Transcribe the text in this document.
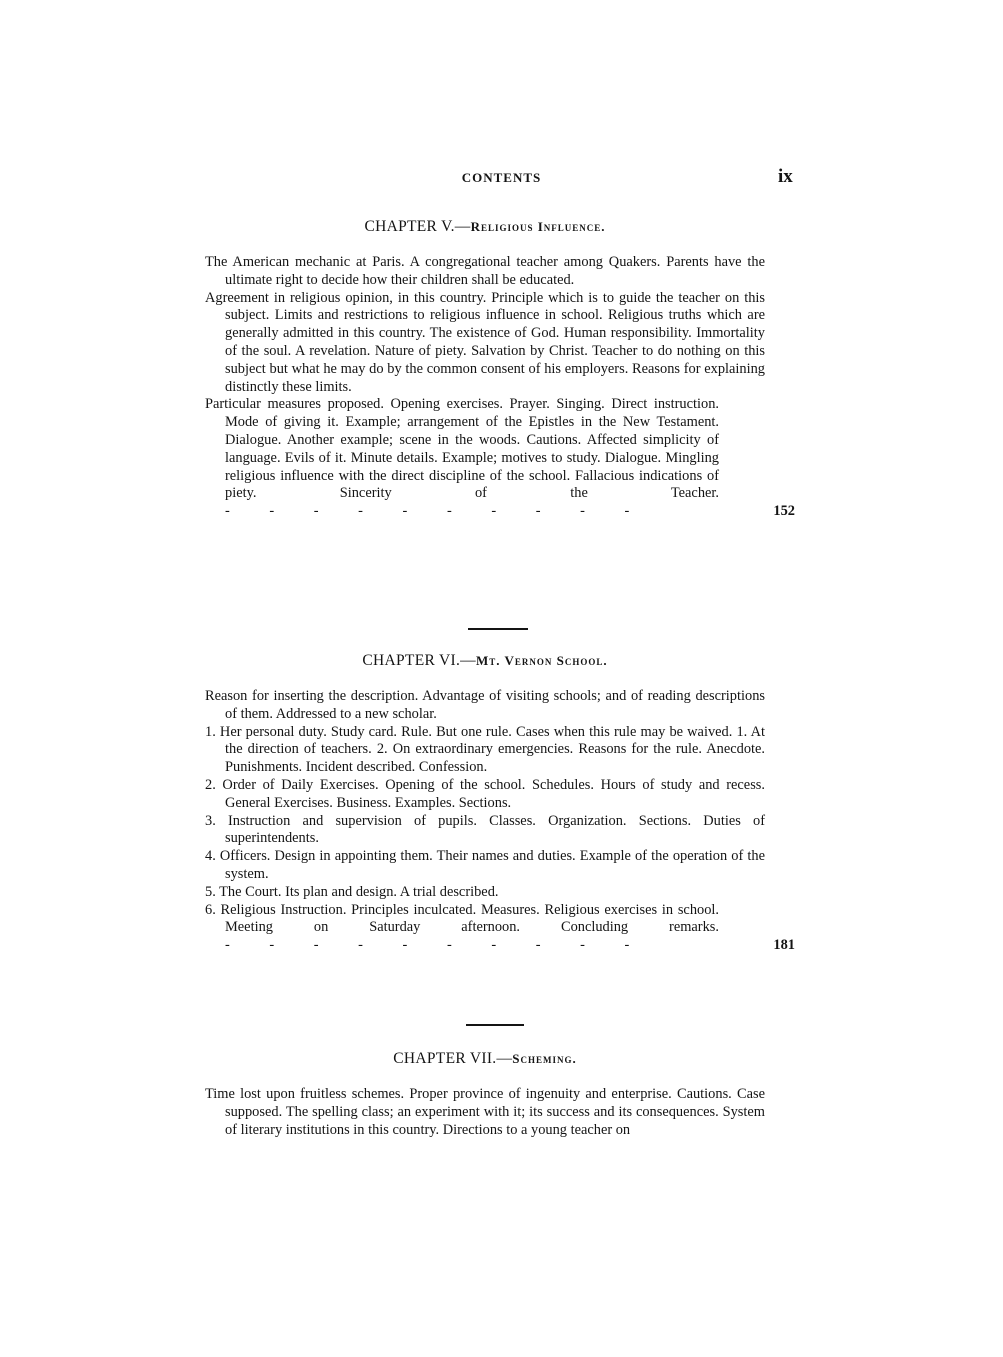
CONTENTS	ix
CHAPTER V.—Religious Influence.

The American mechanic at Paris. A congregational teacher among Quakers. Parents have the ultimate right to decide how their children shall be educated.

Agreement in religious opinion, in this country. Principle which is to guide the teacher on this subject. Limits and restrictions to religious influence in school. Religious truths which are generally admitted in this country. The existence of God. Human responsibility. Immortality of the soul. A revelation. Nature of piety. Salvation by Christ. Teacher to do nothing on this subject but what he may do by the common consent of his employers. Reasons for explaining distinctly these limits.

Particular measures proposed. Opening exercises. Prayer. Singing. Direct instruction. Mode of giving it. Example; arrangement of the Epistles in the New Testament. Dialogue. Another example; scene in the woods. Cautions. Affected simplicity of language. Evils of it. Minute details. Example; motives to study. Dialogue. Mingling religious influence with the direct discipline of the school. Fallacious indications of piety. Sincerity of the Teacher. - - - - - - - - - -	152

CHAPTER VI.—Mt. Vernon School.

Reason for inserting the description. Advantage of visiting schools; and of reading descriptions of them. Addressed to a new scholar.

1. Her personal duty. Study card. Rule. But one rule. Cases when this rule may be waived. 1. At the direction of teachers. 2. On extraordinary emergencies. Reasons for the rule. Anecdote. Punishments. Incident described. Confession.

2. Order of Daily Exercises. Opening of the school. Schedules. Hours of study and recess. General Exercises. Business. Examples. Sections.

3. Instruction and supervision of pupils. Classes. Organization. Sections. Duties of superintendents.

4. Officers. Design in appointing them. Their names and duties. Example of the operation of the system.

5. The Court. Its plan and design. A trial described.

6. Religious Instruction. Principles inculcated. Measures. Religious exercises in school. Meeting on Saturday afternoon. Concluding remarks. - - - - - - - - - -	181

CHAPTER VII.—Scheming.

Time lost upon fruitless schemes. Proper province of ingenuity and enterprise. Cautions. Case supposed. The spelling class; an experiment with it; its success and its consequences. System of literary institutions in this country. Directions to a young teacher on
